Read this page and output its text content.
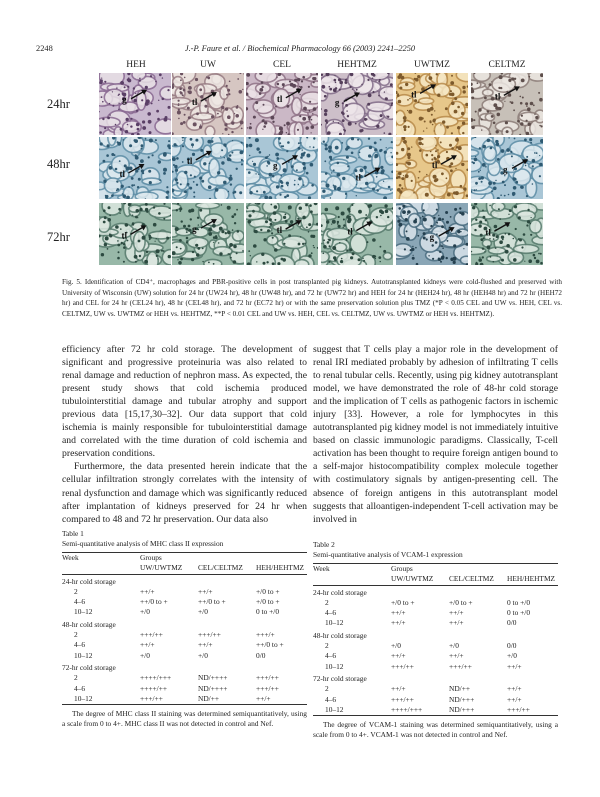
2248	J.-P. Faure et al. / Biochemical Pharmacology 66 (2003) 2241–2250
HEH	UW	CEL	HEHTMZ	UWTMZ	CELTMZ
24hr
48hr
72hr
g	tl	tl	g
tl	tl
tl
tl	g
tl
tl	g
tl
g	tl	tl
g	tl
Fig. 5. Identification of CD4⁺, macrophages and PBR-positive cells in post transplanted pig kidneys. Autotransplanted kidneys were cold-flushed and preserved with University of Wisconsin (UW) solution for 24 hr (UW24 hr), 48 hr (UW48 hr), and 72 hr (UW72 hr) and HEH for 24 hr (HEH24 hr), 48 hr (HEH48 hr) and 72 hr (HEH72 hr) and CEL for 24 hr (CEL24 hr), 48 hr (CEL48 hr), and 72 hr (EC72 hr) or with the same preservation solution plus TMZ (*P < 0.05 CEL and UW vs. HEH, CEL vs. CELTMZ, UW vs. UWTMZ or HEH vs. HEHTMZ, **P < 0.01 CEL and UW vs. HEH, CEL vs. CELTMZ, UW vs. UWTMZ or HEH vs. HEHTMZ).

efficiency after 72 hr cold storage. The development of significant and progressive proteinuria was also related to renal damage and reduction of nephron mass. As expected, the present study shows that cold ischemia produced tubulointerstitial damage and tubular atrophy and support previous data [15,17,30–32]. Our data support that cold ischemia is mainly responsible for tubulointerstitial damage and correlated with the time duration of cold ischemia and preservation conditions.

Furthermore, the data presented herein indicate that the cellular infiltration strongly correlates with the intensity of renal dysfunction and damage which was significantly reduced after implantation of kidneys preserved for 24 hr when compared to 48 and 72 hr preservation. Our data also

suggest that T cells play a major role in the development of renal IRI mediated probably by adhesion of infiltrating T cells to renal tubular cells. Recently, using pig kidney autotransplant model, we have demonstrated the role of 48-hr cold storage and the implication of T cells as pathogenic factors in ischemic injury [33]. However, a role for lymphocytes in this autotransplanted pig kidney model is not immediately intuitive based on classic immunologic paradigms. Classically, T-cell activation has been thought to require foreign antigen bound to a self-major histocompatibility complex molecule together with costimulatory signals by antigen-presenting cell. The absence of foreign antigens in this autotransplant model suggests that alloantigen-independent T-cell activation may be involved in

Table 1
Semi-quantitative analysis of MHC class II expression
Week	Groups		
	UW/UWTMZ	CEL/CELTMZ	HEH/HEHTMZ
24-hr cold storage			
2	++/+	++/+	+/0 to +
4–6	++/0 to +	++/0 to +	+/0 to +
10–12	+/0	+/0	0 to +/0
48-hr cold storage			
2	+++/++	+++/++	+++/+
4–6	++/+	++/+	++/0 to +
10–12	+/0	+/0	0/0
72-hr cold storage			
2	++++/+++	ND/++++	+++/++
4–6	++++/++	ND/++++	+++/++
10–12	+++/++	ND/++	++/+
The degree of MHC class II staining was determined semiquantitatively, using a scale from 0 to 4+. MHC class II was not detected in control and Nef.
Table 2
Semi-quantitative analysis of VCAM-1 expression
Week	Groups		
	UW/UWTMZ	CEL/CELTMZ	HEH/HEHTMZ
24-hr cold storage			
2	+/0 to +	+/0 to +	0 to +/0
4–6	++/+	++/+	0 to +/0
10–12	++/+	++/+	0/0
48-hr cold storage			
2	+/0	+/0	0/0
4–6	++/+	++/+	+/0
10–12	+++/++	+++/++	++/+
72-hr cold storage			
2	++/+	ND/++	++/+
4–6	+++/++	ND/+++	++/+
10–12	++++/+++	ND/+++	+++/++
The degree of VCAM-1 staining was determined semiquantitatively, using a scale from 0 to 4+. VCAM-1 was not detected in control and Nef.
